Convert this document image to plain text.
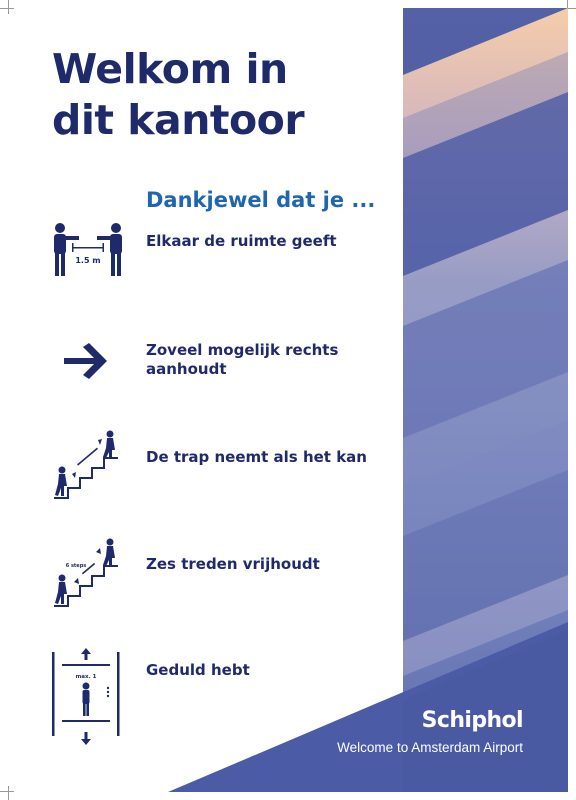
Welkom in
dit kantoor
Dankjewel dat je ...
1.5 m
Elkaar de ruimte geeft
Zoveel mogelijk rechts aanhoudt
De trap neemt als het kan
6 steps	Zes treden vrijhoudt
max. 1	Geduld hebt
Schiphol
Welcome to Amsterdam Airport
